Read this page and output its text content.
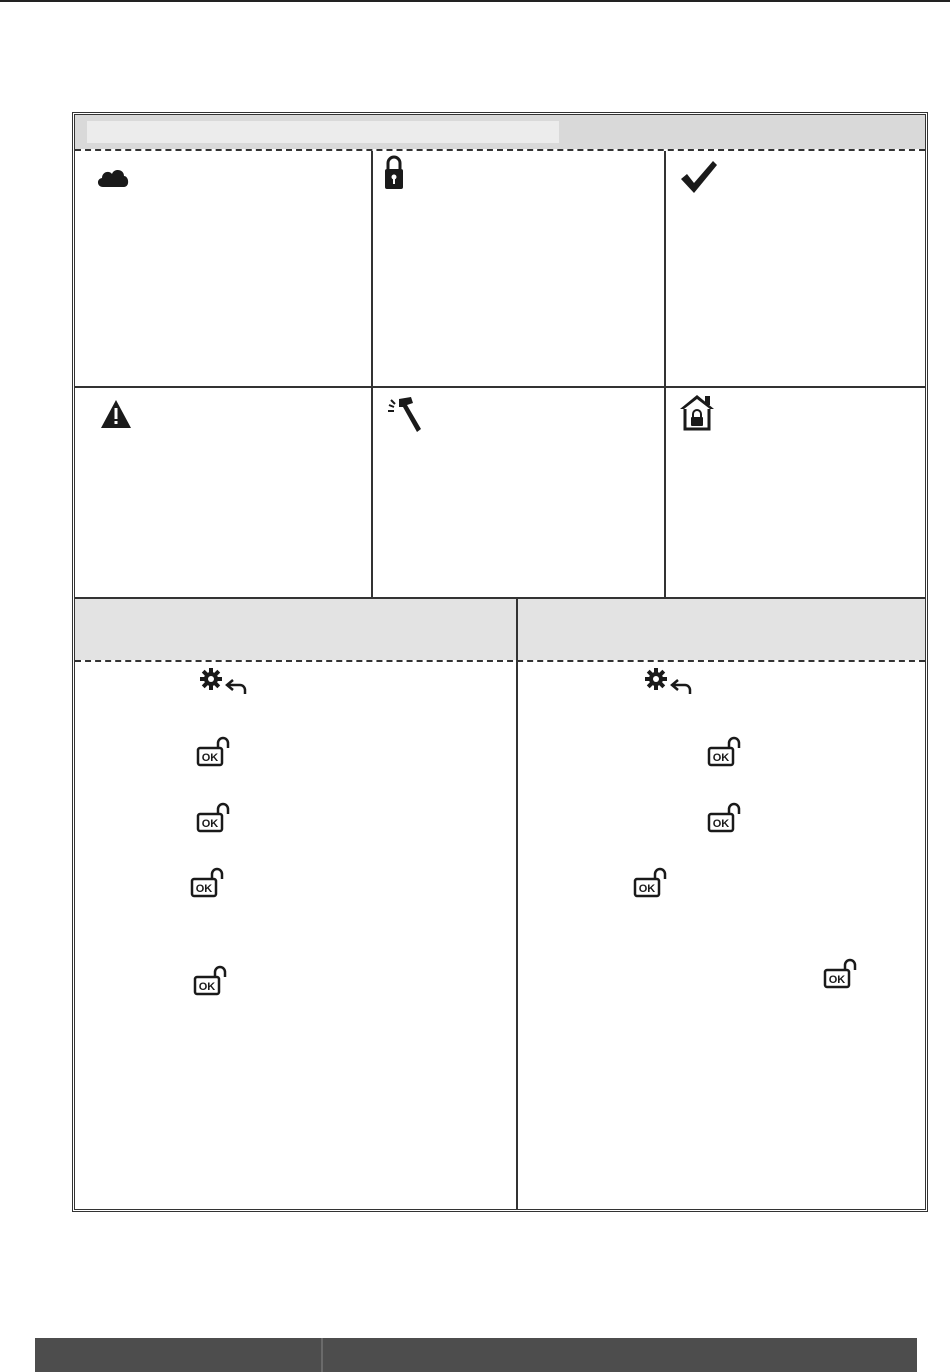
OK
OK
OK
OK
OK
OK
OK
OK
